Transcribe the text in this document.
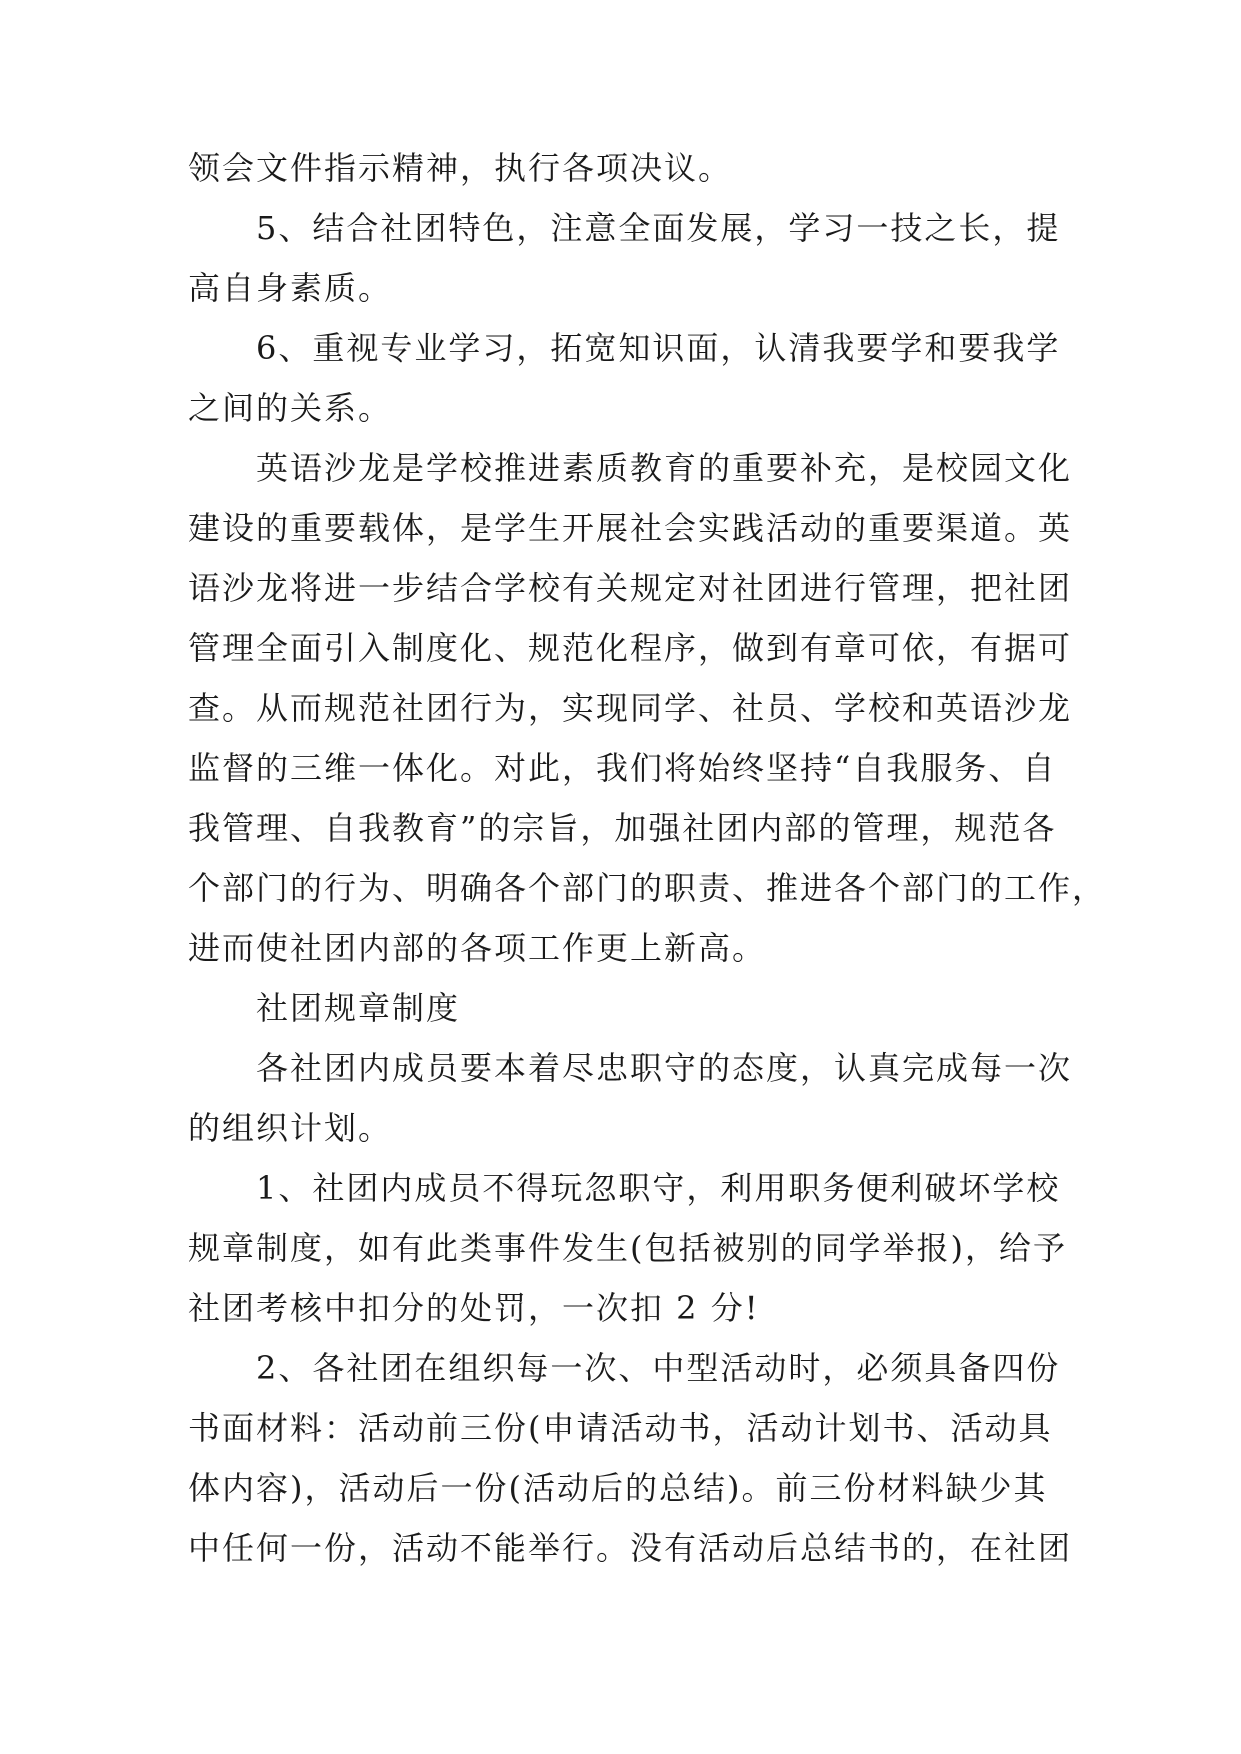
领会文件指示精神，执行各项决议。

5、结合社团特色，注意全面发展，学习一技之长，提

高自身素质。

6、重视专业学习，拓宽知识面，认清我要学和要我学

之间的关系。

英语沙龙是学校推进素质教育的重要补充，是校园文化

建设的重要载体，是学生开展社会实践活动的重要渠道。英

语沙龙将进一步结合学校有关规定对社团进行管理，把社团

管理全面引入制度化、规范化程序，做到有章可依，有据可

查。从而规范社团行为，实现同学、社员、学校和英语沙龙

监督的三维一体化。对此，我们将始终坚持“自我服务、自

我管理、自我教育”的宗旨，加强社团内部的管理，规范各

个部门的行为、明确各个部门的职责、推进各个部门的工作，

进而使社团内部的各项工作更上新高。

社团规章制度

各社团内成员要本着尽忠职守的态度，认真完成每一次

的组织计划。

1、社团内成员不得玩忽职守，利用职务便利破坏学校

规章制度，如有此类事件发生(包括被别的同学举报)，给予

社团考核中扣分的处罚，一次扣 2 分!

2、各社团在组织每一次、中型活动时，必须具备四份

书面材料：活动前三份(申请活动书，活动计划书、活动具

体内容)，活动后一份(活动后的总结)。前三份材料缺少其

中任何一份，活动不能举行。没有活动后总结书的，在社团
